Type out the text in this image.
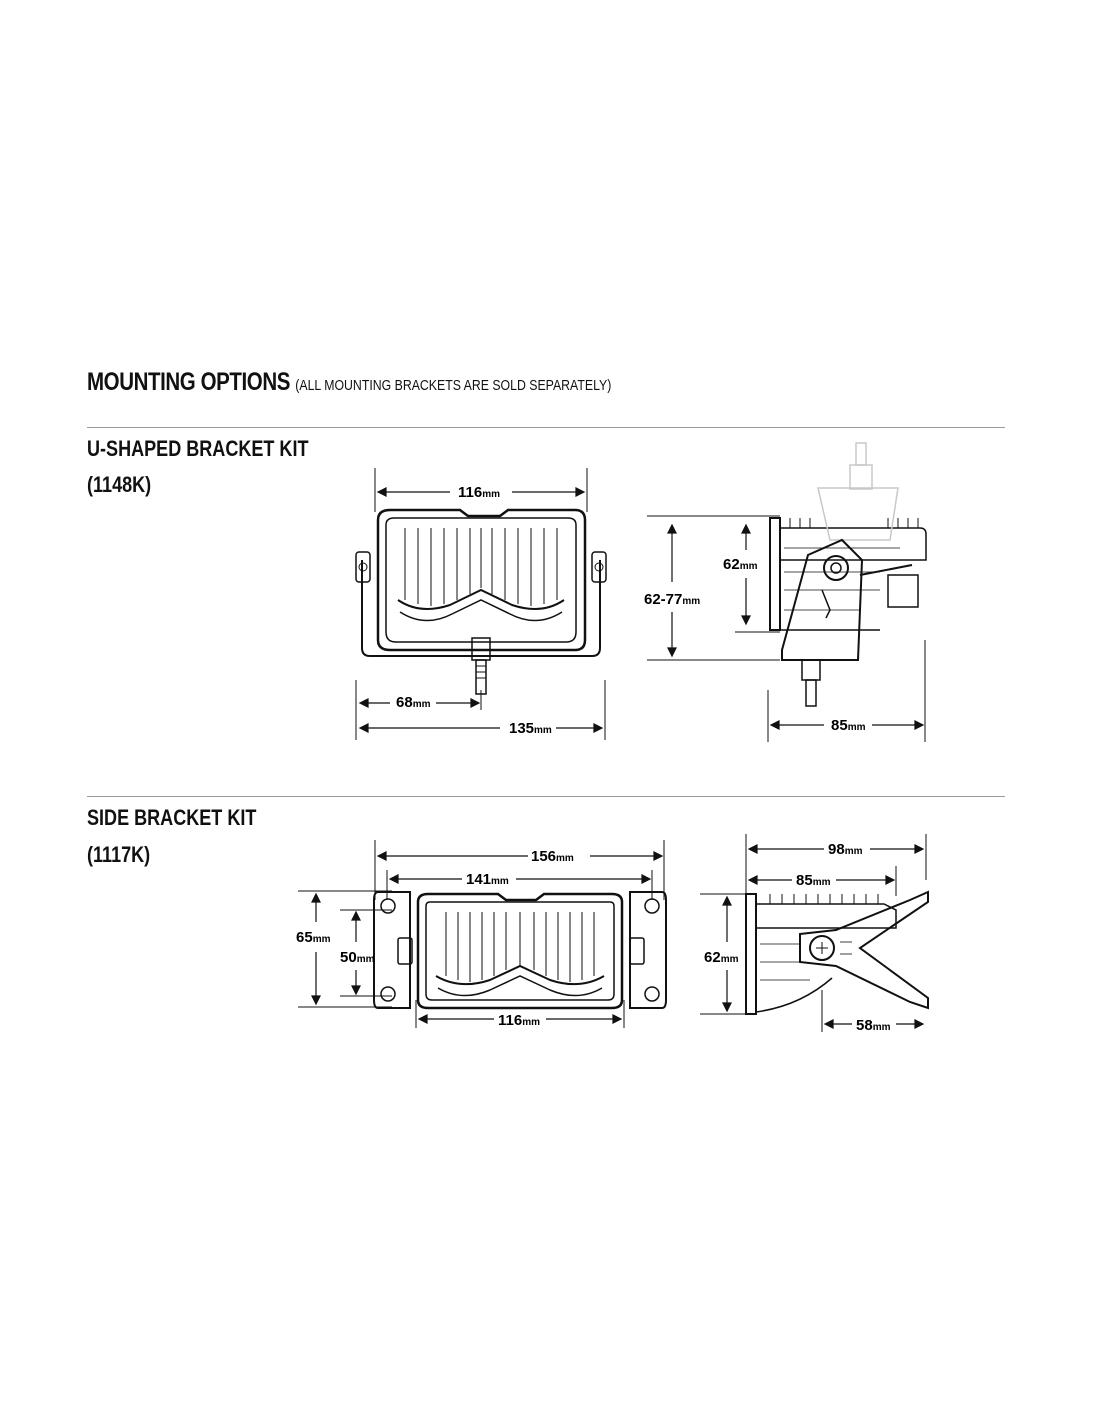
MOUNTING OPTIONS (ALL MOUNTING BRACKETS ARE SOLD SEPARATELY)
U-SHAPED BRACKET KIT
(1148K)	116mm
68mm
135mm
62-77mm
62mm
85mm
SIDE BRACKET KIT
(1117K)	156mm
141mm
65mm
50mm
116mm
98mm
85mm
62mm
58mm
